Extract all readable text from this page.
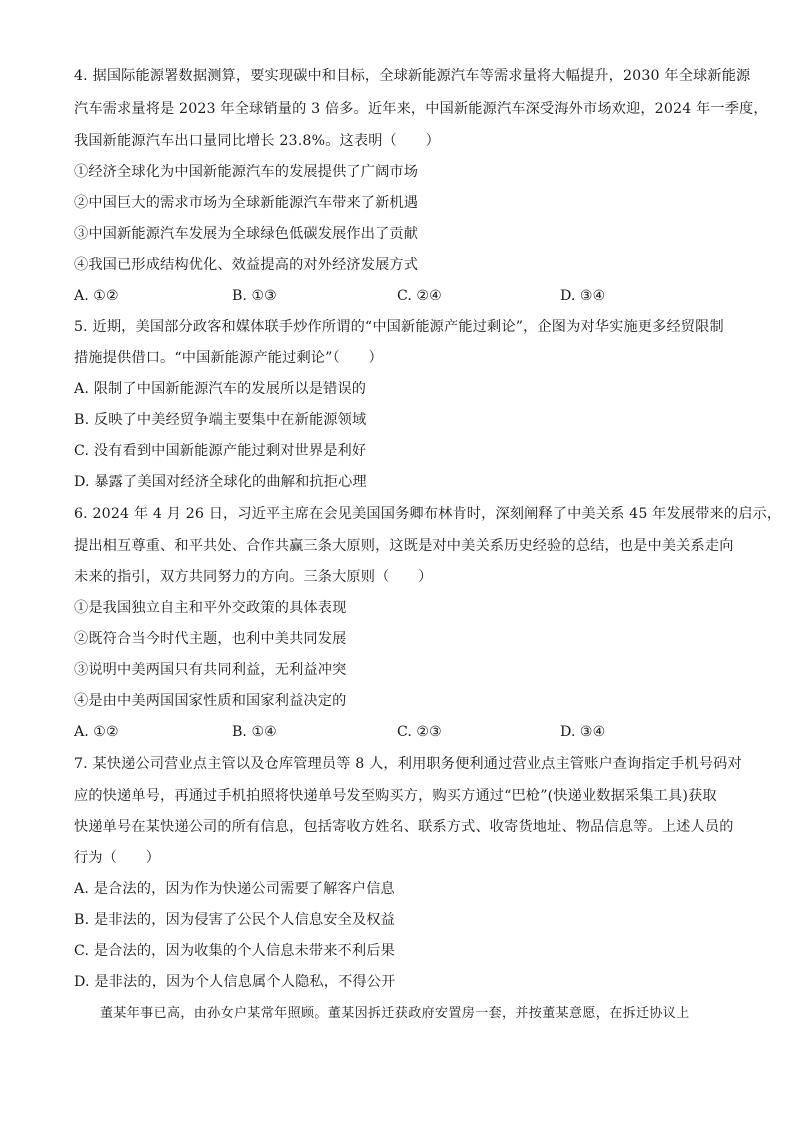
4. 据国际能源署数据测算，要实现碳中和目标，全球新能源汽车等需求量将大幅提升，2030 年全球新能源
汽车需求量将是 2023 年全球销量的 3 倍多。近年来，中国新能源汽车深受海外市场欢迎，2024 年一季度，
我国新能源汽车出口量同比增长 23.8%。这表明（　　）
①经济全球化为中国新能源汽车的发展提供了广阔市场
②中国巨大的需求市场为全球新能源汽车带来了新机遇
③中国新能源汽车发展为全球绿色低碳发展作出了贡献
④我国已形成结构优化、效益提高的对外经济发展方式
A. ①②	B. ①③	C. ②④	D. ③④
5. 近期，美国部分政客和媒体联手炒作所谓的“中国新能源产能过剩论”，企图为对华实施更多经贸限制
措施提供借口。“中国新能源产能过剩论”（　　）
A. 限制了中国新能源汽车的发展所以是错误的
B. 反映了中美经贸争端主要集中在新能源领域
C. 没有看到中国新能源产能过剩对世界是利好
D. 暴露了美国对经济全球化的曲解和抗拒心理
6. 2024 年 4 月 26 日，习近平主席在会见美国国务卿布林肯时，深刻阐释了中美关系 45 年发展带来的启示，
提出相互尊重、和平共处、合作共赢三条大原则，这既是对中美关系历史经验的总结，也是中美关系走向
未来的指引，双方共同努力的方向。三条大原则（　　）
①是我国独立自主和平外交政策的具体表现
②既符合当今时代主题，也利中美共同发展
③说明中美两国只有共同利益，无利益冲突
④是由中美两国国家性质和国家利益决定的
A. ①②	B. ①④	C. ②③	D. ③④
7. 某快递公司营业点主管以及仓库管理员等 8 人，利用职务便利通过营业点主管账户查询指定手机号码对
应的快递单号，再通过手机拍照将快递单号发至购买方，购买方通过“巴枪”(快递业数据采集工具)获取
快递单号在某快递公司的所有信息，包括寄收方姓名、联系方式、收寄货地址、物品信息等。上述人员的
行为（　　）
A. 是合法的，因为作为快递公司需要了解客户信息
B. 是非法的，因为侵害了公民个人信息安全及权益
C. 是合法的，因为收集的个人信息未带来不利后果
D. 是非法的，因为个人信息属个人隐私，不得公开
董某年事已高，由孙女户某常年照顾。董某因拆迁获政府安置房一套，并按董某意愿，在拆迁协议上
